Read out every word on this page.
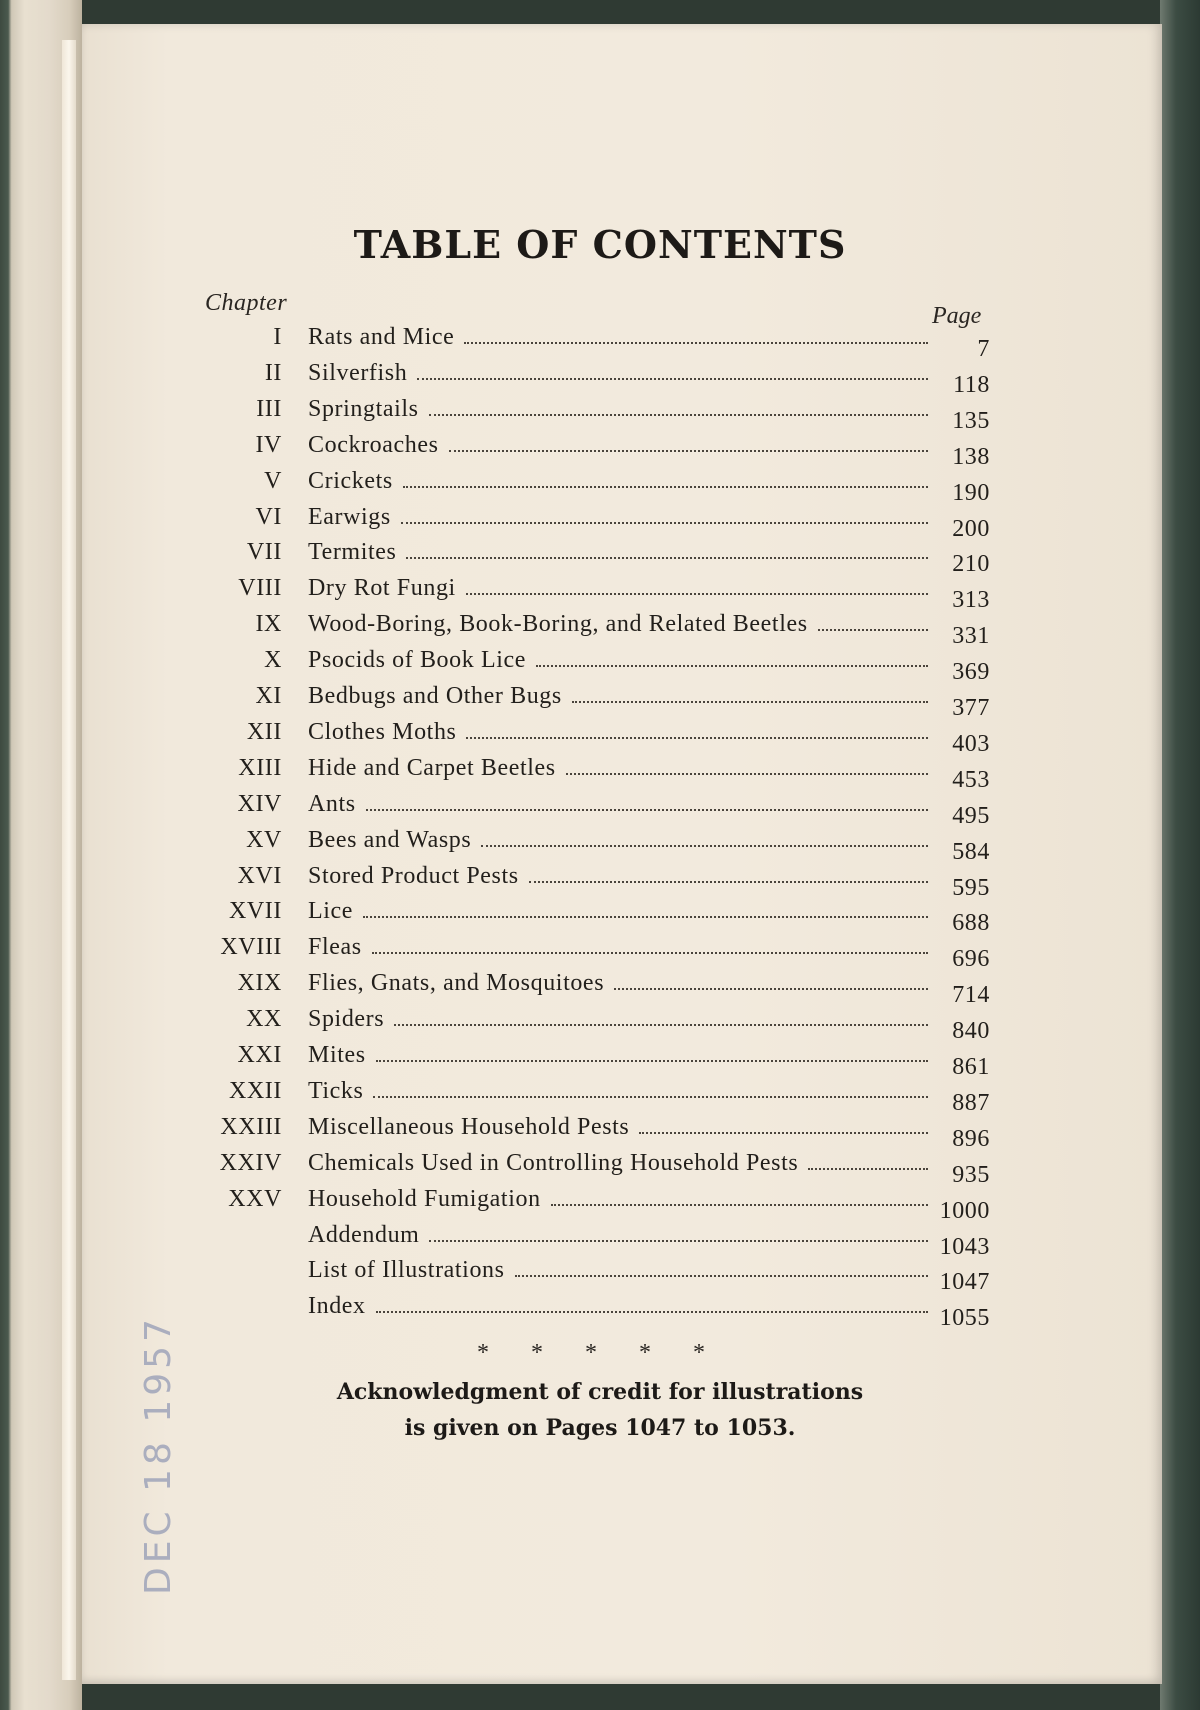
TABLE OF CONTENTS
Chapter	Page
I Rats and Mice	7
II Silverfish	118
III Springtails	135
IV Cockroaches	138
V Crickets	190
VI Earwigs	200
VII Termites	210
VIII Dry Rot Fungi	313
IX Wood-Boring, Book-Boring, and Related Beetles	331
X Psocids of Book Lice	369
XI Bedbugs and Other Bugs	377
XII Clothes Moths	403
XIII Hide and Carpet Beetles	453
XIV Ants	495
XV Bees and Wasps	584
XVI Stored Product Pests	595
XVII Lice	688
XVIII Fleas	696
XIX Flies, Gnats, and Mosquitoes	714
XX Spiders	840
XXI Mites	861
XXII Ticks	887
XXIII Miscellaneous Household Pests	896
XXIV Chemicals Used in Controlling Household Pests	935
XXV Household Fumigation	1000
Addendum	1043
List of Illustrations	1047
Index	1055
* * * * *
Acknowledgment of credit for illustrations
is given on Pages 1047 to 1053.
DEC 18 1957
